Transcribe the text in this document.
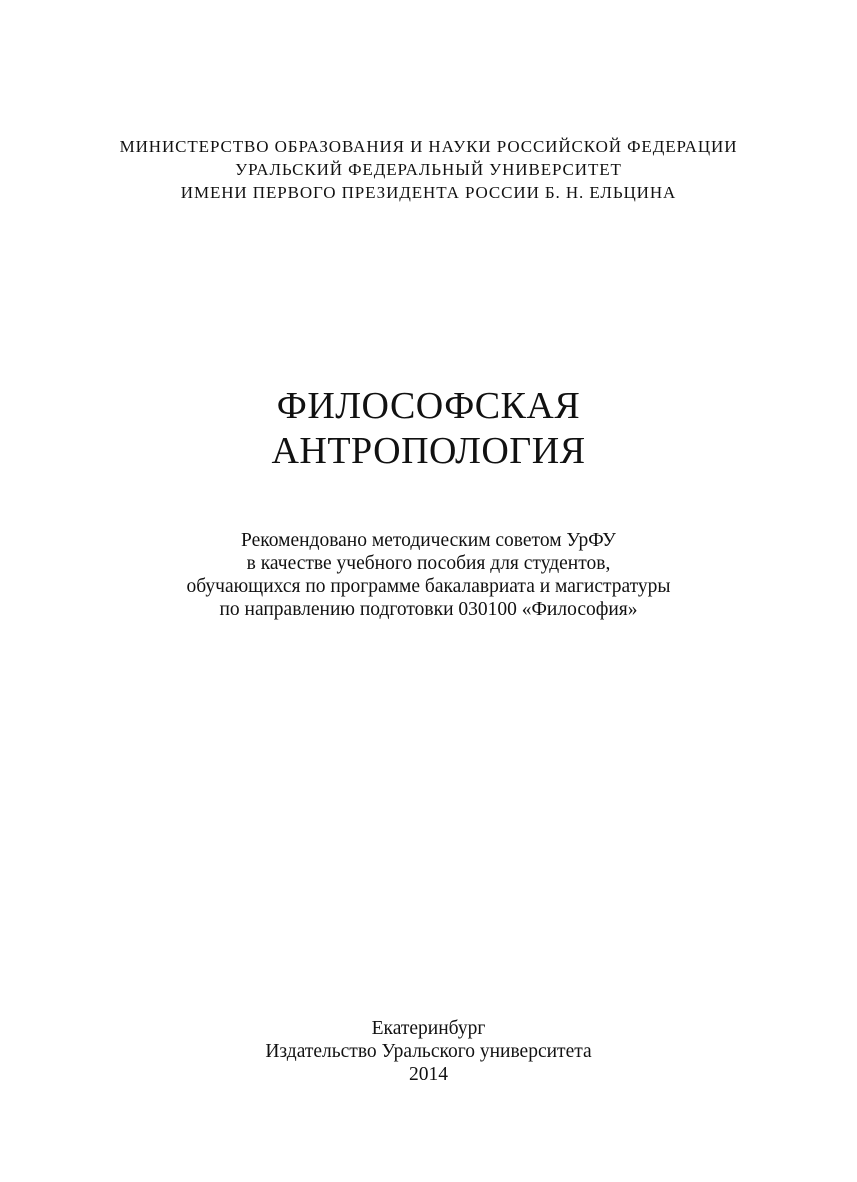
МИНИСТЕРСТВО ОБРАЗОВАНИЯ И НАУКИ РОССИЙСКОЙ ФЕДЕРАЦИИ
УРАЛЬСКИЙ ФЕДЕРАЛЬНЫЙ УНИВЕРСИТЕТ
ИМЕНИ ПЕРВОГО ПРЕЗИДЕНТА РОССИИ Б. Н. ЕЛЬЦИНА
ФИЛОСОФСКАЯ
АНТРОПОЛОГИЯ
Рекомендовано методическим советом УрФУ
в качестве учебного пособия для студентов,
обучающихся по программе бакалавриата и магистратуры
по направлению подготовки 030100 «Философия»
Екатеринбург
Издательство Уральского университета
2014
